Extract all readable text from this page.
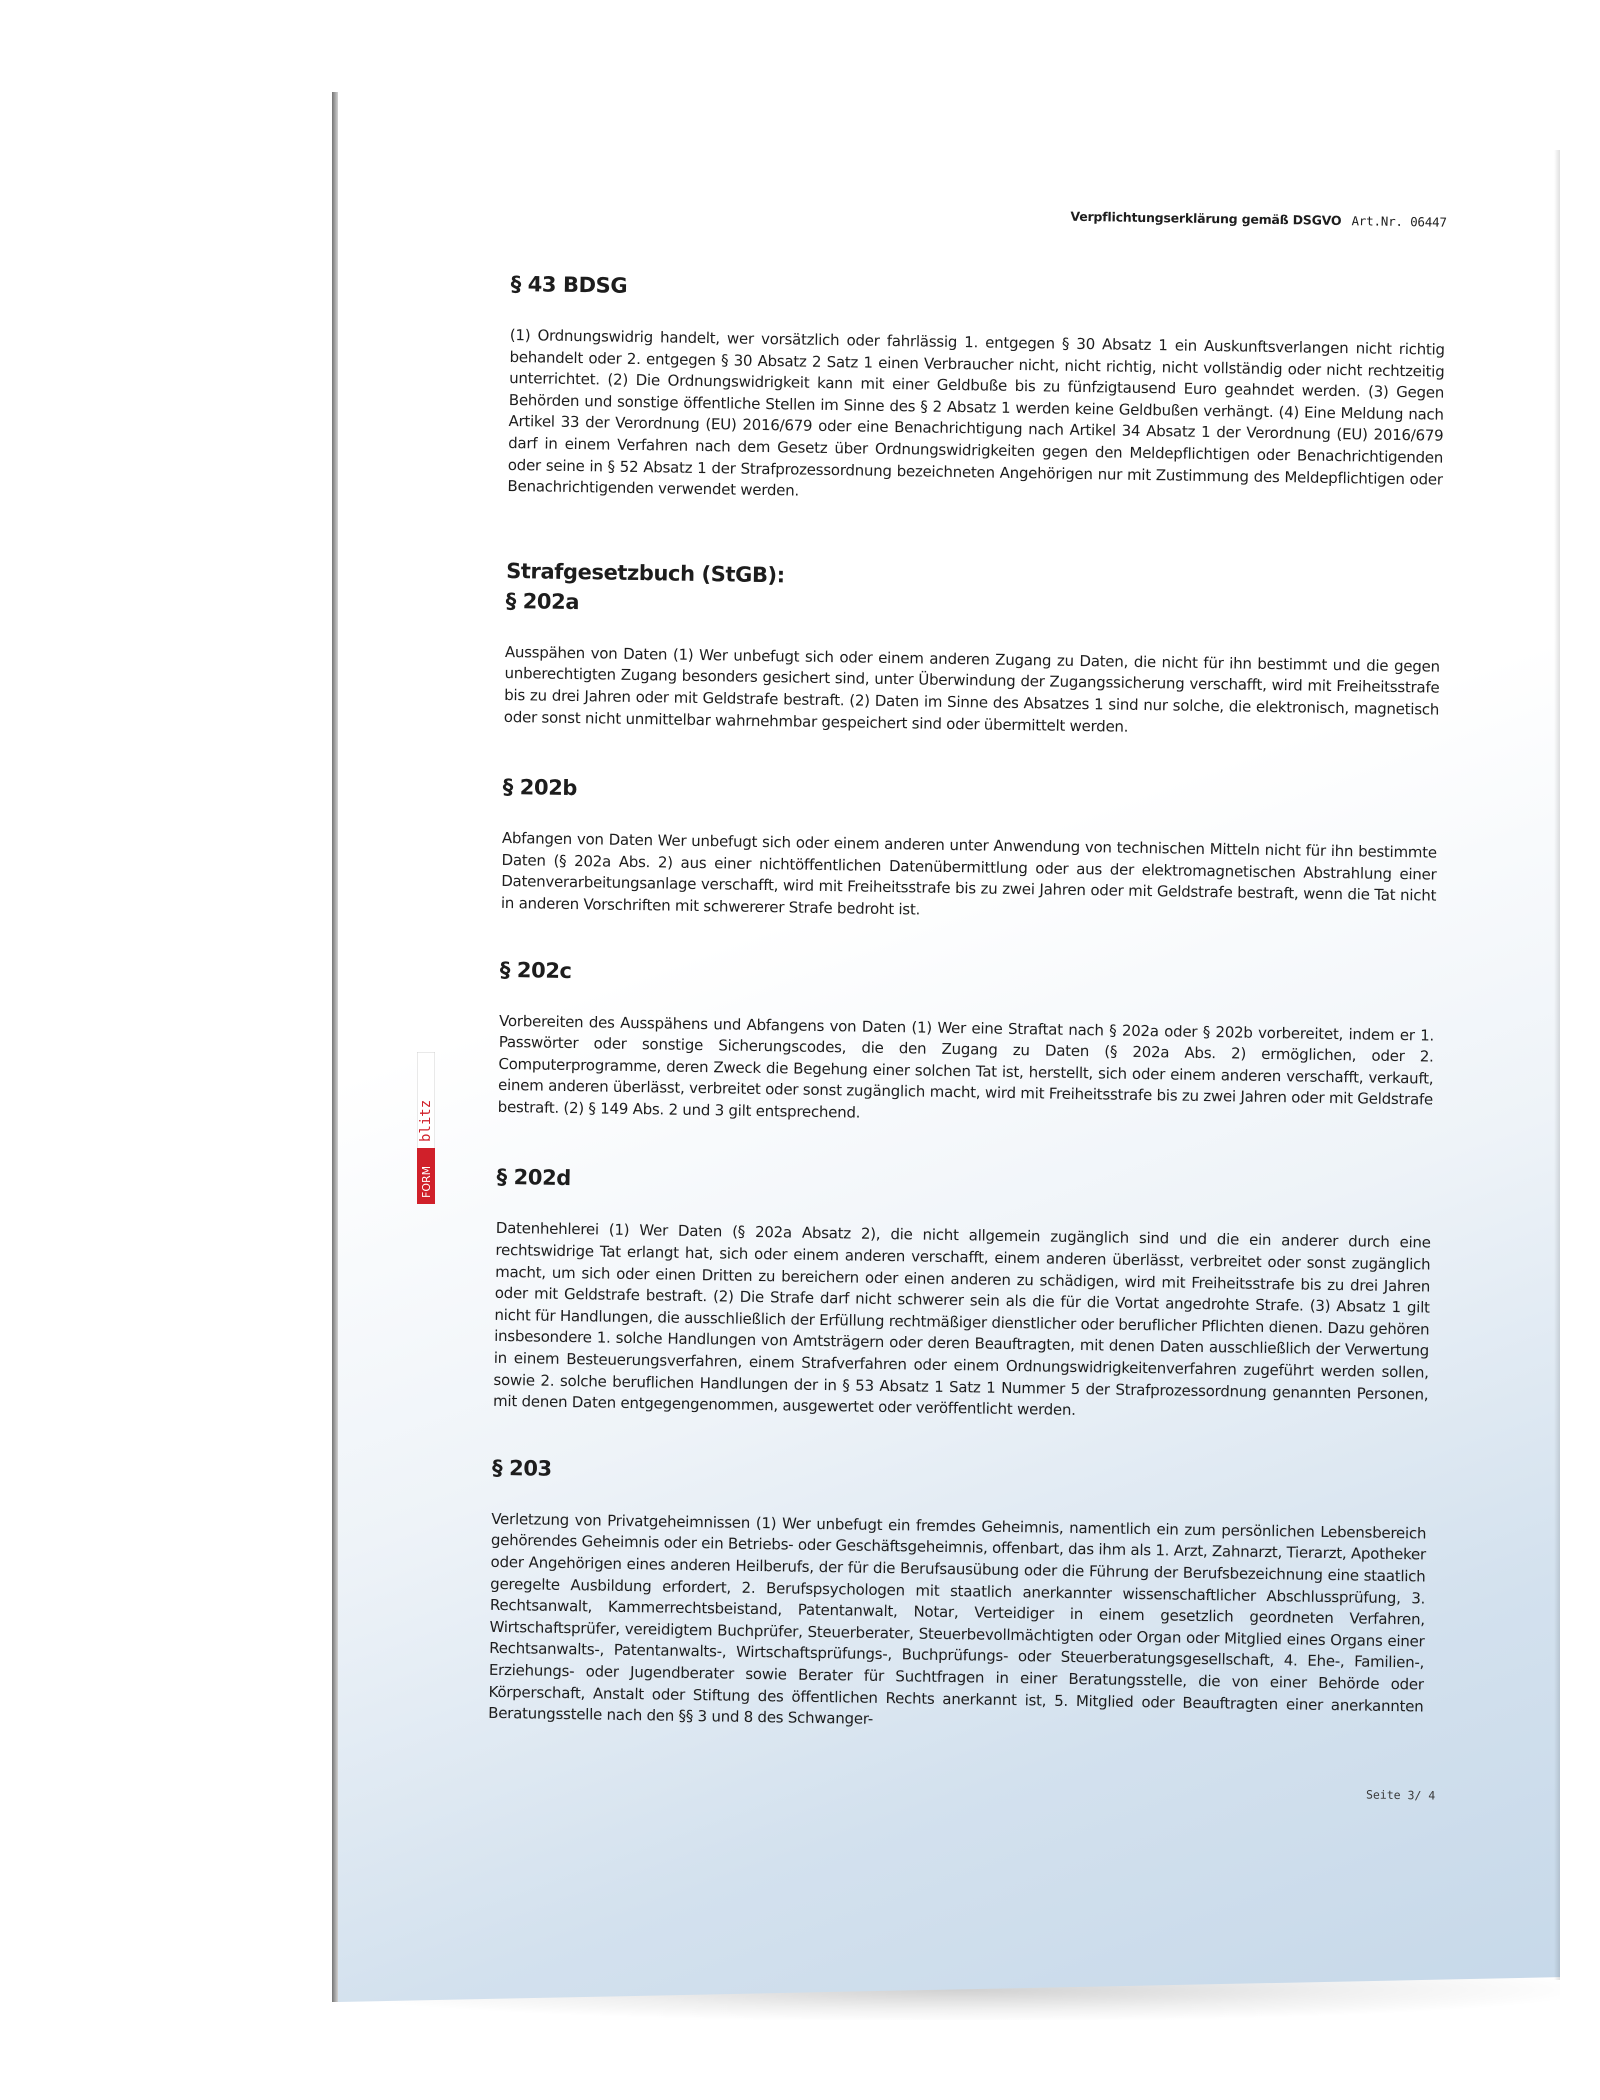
blitz
FORM
Verpflichtungserklärung gemäß DSGVO Art.Nr. 06447
§ 43 BDSG

(1) Ordnungswidrig handelt, wer vorsätzlich oder fahrlässig 1. entgegen § 30 Absatz 1 ein Auskunftsverlangen nicht richtig behandelt oder 2. entgegen § 30 Absatz 2 Satz 1 einen Verbraucher nicht, nicht richtig, nicht vollständig oder nicht rechtzeitig unterrichtet. (2) Die Ordnungswidrigkeit kann mit einer Geldbuße bis zu fünfzigtausend Euro geahndet werden. (3) Gegen Behörden und sonstige öffentliche Stellen im Sinne des § 2 Absatz 1 werden keine Geldbußen verhängt. (4) Eine Meldung nach Artikel 33 der Verordnung (EU) 2016/679 oder eine Benachrichtigung nach Artikel 34 Absatz 1 der Verordnung (EU) 2016/679 darf in einem Verfahren nach dem Gesetz über Ordnungswidrigkeiten gegen den Meldepflichtigen oder Benachrichtigenden oder seine in § 52 Absatz 1 der Strafprozessordnung bezeichneten Angehörigen nur mit Zustimmung des Meldepflichtigen oder Benachrichtigenden verwendet werden.

Strafgesetzbuch (StGB):
§ 202a

Ausspähen von Daten (1) Wer unbefugt sich oder einem anderen Zugang zu Daten, die nicht für ihn bestimmt und die gegen unberechtigten Zugang besonders gesichert sind, unter Überwindung der Zugangssicherung verschafft, wird mit Freiheitsstrafe bis zu drei Jahren oder mit Geldstrafe bestraft. (2) Daten im Sinne des Absatzes 1 sind nur solche, die elektronisch, magnetisch oder sonst nicht unmittelbar wahrnehmbar gespeichert sind oder übermittelt werden.

§ 202b

Abfangen von Daten Wer unbefugt sich oder einem anderen unter Anwendung von technischen Mitteln nicht für ihn bestimmte Daten (§ 202a Abs. 2) aus einer nichtöffentlichen Datenübermittlung oder aus der elektromagnetischen Abstrahlung einer Datenverarbeitungsanlage verschafft, wird mit Freiheitsstrafe bis zu zwei Jahren oder mit Geldstrafe bestraft, wenn die Tat nicht in anderen Vorschriften mit schwererer Strafe bedroht ist.

§ 202c

Vorbereiten des Ausspähens und Abfangens von Daten (1) Wer eine Straftat nach § 202a oder § 202b vorbereitet, indem er 1. Passwörter oder sonstige Sicherungscodes, die den Zugang zu Daten (§ 202a Abs. 2) ermöglichen, oder 2. Computerprogramme, deren Zweck die Begehung einer solchen Tat ist, herstellt, sich oder einem anderen verschafft, verkauft, einem anderen überlässt, verbreitet oder sonst zugänglich macht, wird mit Freiheitsstrafe bis zu zwei Jahren oder mit Geldstrafe bestraft. (2) § 149 Abs. 2 und 3 gilt entsprechend.

§ 202d

Datenhehlerei (1) Wer Daten (§ 202a Absatz 2), die nicht allgemein zugänglich sind und die ein anderer durch eine rechtswidrige Tat erlangt hat, sich oder einem anderen verschafft, einem anderen überlässt, verbreitet oder sonst zugänglich macht, um sich oder einen Dritten zu bereichern oder einen anderen zu schädigen, wird mit Freiheitsstrafe bis zu drei Jahren oder mit Geldstrafe bestraft. (2) Die Strafe darf nicht schwerer sein als die für die Vortat angedrohte Strafe. (3) Absatz 1 gilt nicht für Handlungen, die ausschließlich der Erfüllung rechtmäßiger dienstlicher oder beruflicher Pflichten dienen. Dazu gehören insbesondere 1. solche Handlungen von Amtsträgern oder deren Beauftragten, mit denen Daten ausschließlich der Verwertung in einem Besteuerungsverfahren, einem Strafverfahren oder einem Ordnungswidrigkeitenverfahren zugeführt werden sollen, sowie 2. solche beruflichen Handlungen der in § 53 Absatz 1 Satz 1 Nummer 5 der Strafprozessordnung genannten Personen, mit denen Daten entgegengenommen, ausgewertet oder veröffentlicht werden.

§ 203

Verletzung von Privatgeheimnissen (1) Wer unbefugt ein fremdes Geheimnis, namentlich ein zum persönlichen Lebensbereich gehörendes Geheimnis oder ein Betriebs- oder Geschäftsgeheimnis, offenbart, das ihm als 1. Arzt, Zahnarzt, Tierarzt, Apotheker oder Angehörigen eines anderen Heilberufs, der für die Berufsausübung oder die Führung der Berufsbezeichnung eine staatlich geregelte Ausbildung erfordert, 2. Berufspsychologen mit staatlich anerkannter wissenschaftlicher Abschlussprüfung, 3. Rechtsanwalt, Kammerrechtsbeistand, Patentanwalt, Notar, Verteidiger in einem gesetzlich geordneten Verfahren, Wirtschaftsprüfer, vereidigtem Buchprüfer, Steuerberater, Steuerbevollmächtigten oder Organ oder Mitglied eines Organs einer Rechtsanwalts-, Patentanwalts-, Wirtschaftsprüfungs-, Buchprüfungs- oder Steuerberatungsgesellschaft, 4. Ehe-, Familien-, Erziehungs- oder Jugendberater sowie Berater für Suchtfragen in einer Beratungsstelle, die von einer Behörde oder Körperschaft, Anstalt oder Stiftung des öffentlichen Rechts anerkannt ist, 5. Mitglied oder Beauftragten einer anerkannten Beratungsstelle nach den §§ 3 und 8 des Schwanger-

Seite 3/ 4
